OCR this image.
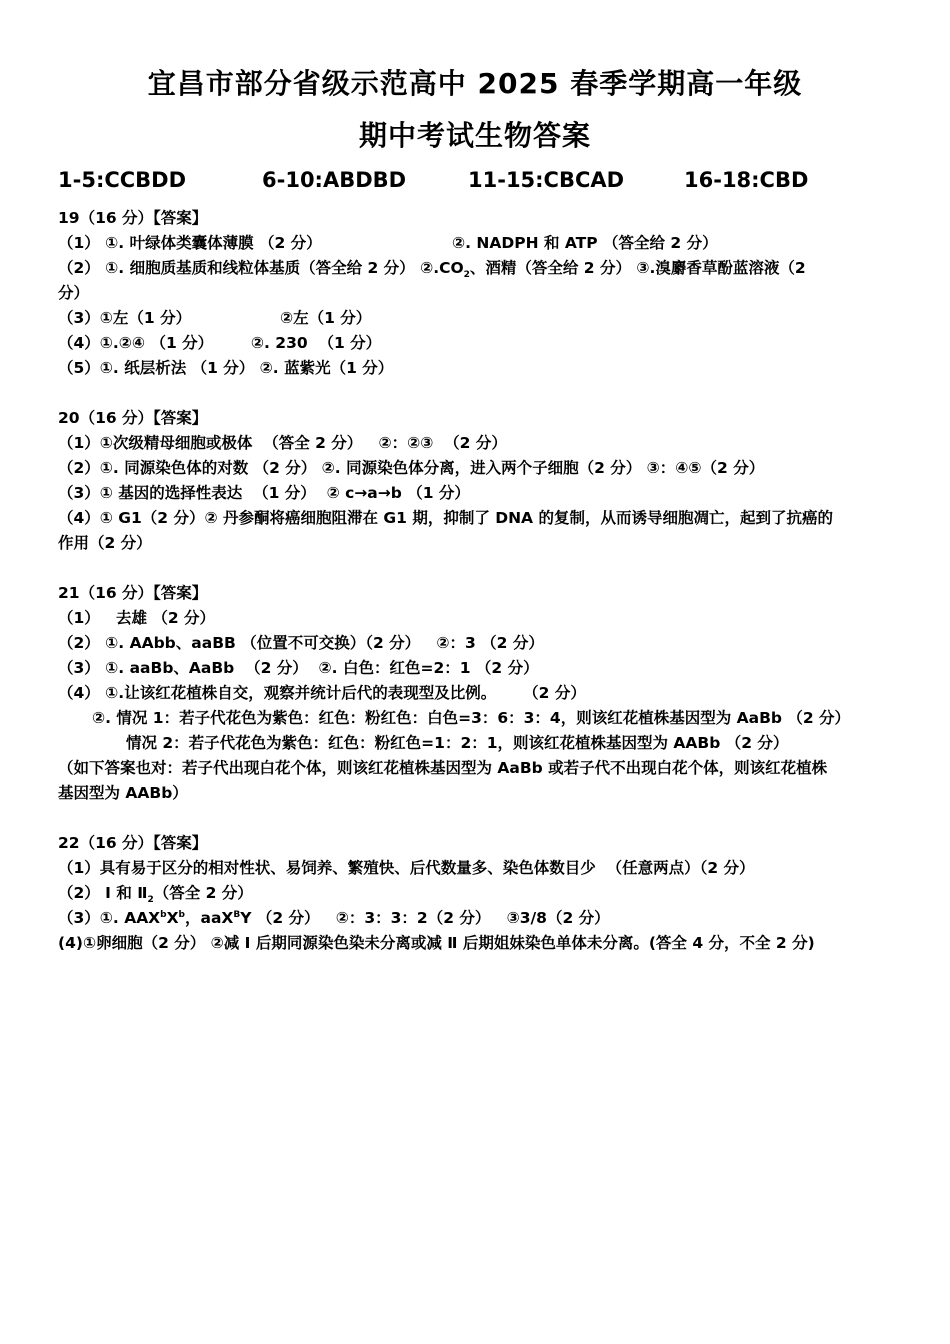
宜昌市部分省级示范高中 2025 春季学期高一年级
期中考试生物答案
1-5:CCBDD	6-10:ABDBD	11-15:CBCAD	16-18:CBD
19（16 分）【答案】
（1） ①. 叶绿体类囊体薄膜 （2 分）	②. NADPH 和 ATP （答全给 2 分）
（2） ①. 细胞质基质和线粒体基质（答全给 2 分） $②.CO_2$、酒精（答全给 2 分） ③.溴麝香草酚蓝溶液（2
分）
（3）①左（1 分）	②左（1 分）
（4）①.②④ （1 分）       ②. 230  （1 分）
（5）①. 纸层析法 （1 分） ②. 蓝紫光（1 分）
20（16 分）【答案】
（1）①次级精母细胞或极体  （答全 2 分）   ②：②③  （2 分）
（2）①. 同源染色体的对数 （2 分） ②. 同源染色体分离，进入两个子细胞（2 分） ③：④⑤（2 分）
（3）① 基因的选择性表达  （1 分）  ② c→a→b （1 分）
（4）① G1（2 分）② 丹参酮将癌细胞阻滞在 G1 期，抑制了 DNA 的复制，从而诱导细胞凋亡，起到了抗癌的
作用（2 分）
21（16 分）【答案】
（1）   去雄 （2 分）
（2） ①. AAbb、aaBB （位置不可交换）（2 分）   ②：3 （2 分）
（3） ①. aaBb、AaBb  （2 分）  ②. 白色：红色=2：1 （2 分）
（4） ①.让该红花植株自交，观察并统计后代的表现型及比例。     （2 分）
②. 情况 1：若子代花色为紫色：红色：粉红色：白色=3：6：3：4，则该红花植株基因型为 AaBb （2 分）
情况 2：若子代花色为紫色：红色：粉红色=1：2：1，则该红花植株基因型为 AABb （2 分）
（如下答案也对：若子代出现白花个体，则该红花植株基因型为 AaBb 或若子代不出现白花个体，则该红花植株
基因型为 AABb）
22（16 分）【答案】
（1）具有易于区分的相对性状、易饲养、繁殖快、后代数量多、染色体数目少  （任意两点）（2 分）
（2） Ⅰ 和 $Ⅱ_2$（答全 2 分）
（3）①. $AAX^bX^b$，aaX$^B$Y （2 分）   ②：3：3：2（2 分）   ③3/8（2 分）
(4)①卵细胞（2 分） ②减 Ⅰ 后期同源染色染未分离或减 Ⅱ 后期姐妹染色单体未分离。(答全 4 分，不全 2 分)
